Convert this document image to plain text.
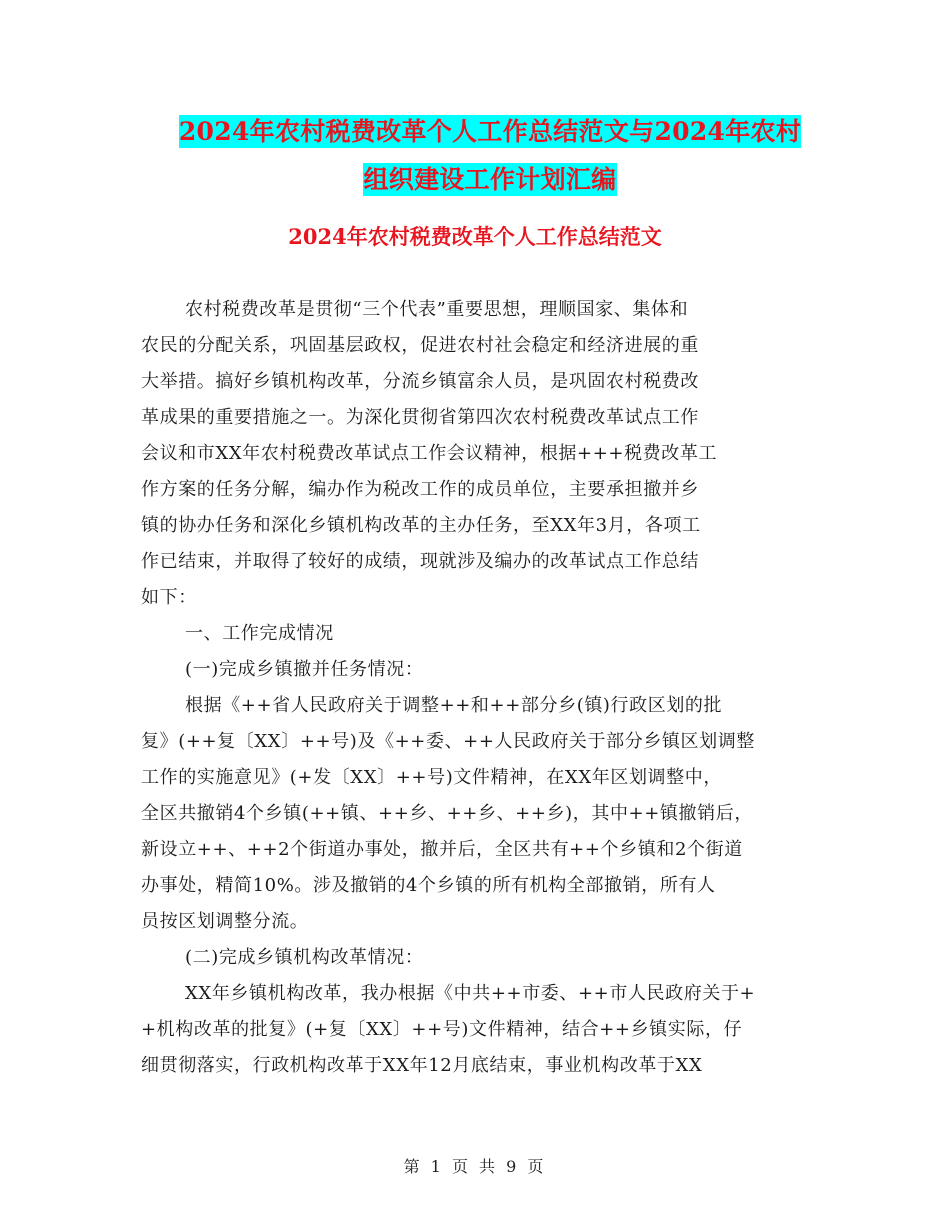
2024年农村税费改革个人工作总结范文与2024年农村
组织建设工作计划汇编
2024年农村税费改革个人工作总结范文
农村税费改革是贯彻“三个代表”重要思想，理顺国家、集体和
农民的分配关系，巩固基层政权，促进农村社会稳定和经济进展的重
大举措。搞好乡镇机构改革，分流乡镇富余人员，是巩固农村税费改
革成果的重要措施之一。为深化贯彻省第四次农村税费改革试点工作
会议和市XX年农村税费改革试点工作会议精神，根据+++税费改革工
作方案的任务分解，编办作为税改工作的成员单位，主要承担撤并乡
镇的协办任务和深化乡镇机构改革的主办任务，至XX年3月，各项工
作已结束，并取得了较好的成绩，现就涉及编办的改革试点工作总结
如下：
一、工作完成情况
(一)完成乡镇撤并任务情况：
根据《++省人民政府关于调整++和++部分乡(镇)行政区划的批
复》(++复〔XX〕++号)及《++委、++人民政府关于部分乡镇区划调整
工作的实施意见》(+发〔XX〕++号)文件精神，在XX年区划调整中，
全区共撤销4个乡镇(++镇、++乡、++乡、++乡)，其中++镇撤销后，
新设立++、++2个街道办事处，撤并后，全区共有++个乡镇和2个街道
办事处，精简10%。涉及撤销的4个乡镇的所有机构全部撤销，所有人
员按区划调整分流。
(二)完成乡镇机构改革情况：
XX年乡镇机构改革，我办根据《中共++市委、++市人民政府关于+
+机构改革的批复》(+复〔XX〕++号)文件精神，结合++乡镇实际，仔
细贯彻落实，行政机构改革于XX年12月底结束，事业机构改革于XX
第 1 页 共 9 页
